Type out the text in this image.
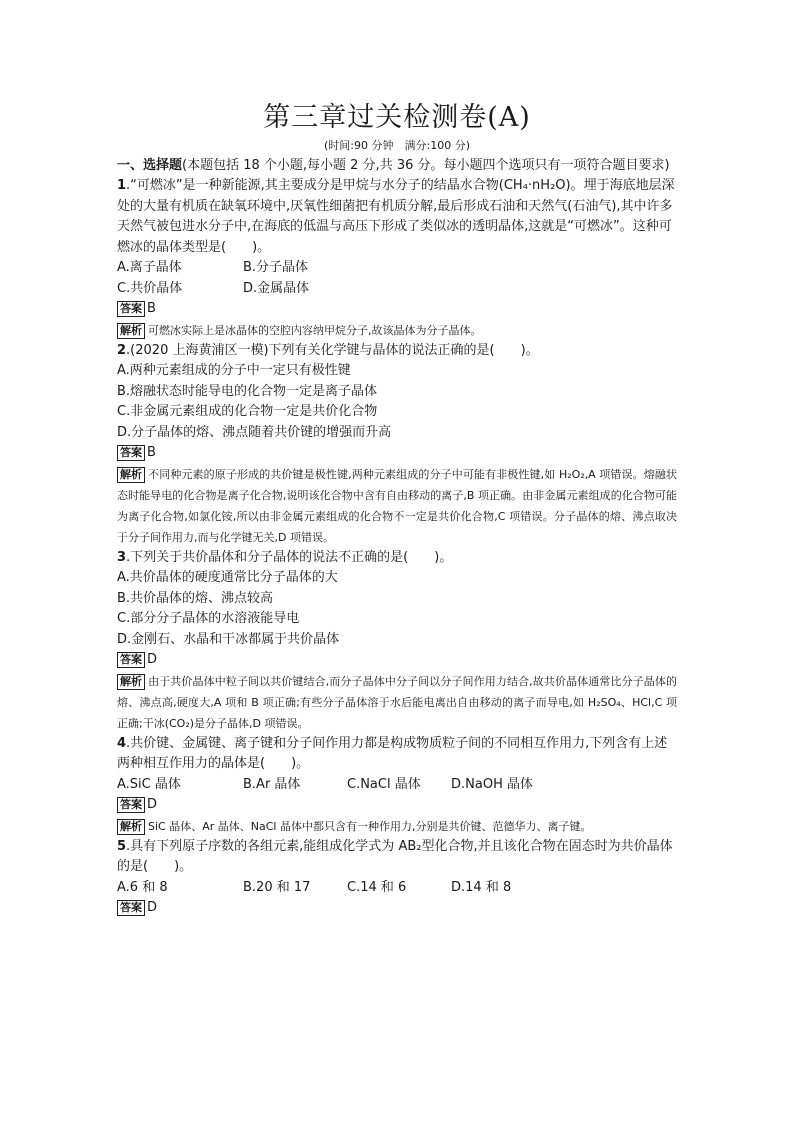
第三章过关检测卷(A)
(时间:90 分钟　满分:100 分)

一、选择题(本题包括 18 个小题,每小题 2 分,共 36 分。每小题四个选项只有一项符合题目要求)

1.“可燃冰”是一种新能源,其主要成分是甲烷与水分子的结晶水合物(CH₄·nH₂O)。埋于海底地层深处的大量有机质在缺氧环境中,厌氧性细菌把有机质分解,最后形成石油和天然气(石油气),其中许多天然气被包进水分子中,在海底的低温与高压下形成了类似冰的透明晶体,这就是“可燃冰”。这种可燃冰的晶体类型是(　　)。

A.离子晶体	B.分子晶体
C.共价晶体	D.金属晶体
答案 B

解析 可燃冰实际上是冰晶体的空腔内容纳甲烷分子,故该晶体为分子晶体。

2.(2020 上海黄浦区一模)下列有关化学键与晶体的说法正确的是(　　)。

A.两种元素组成的分子中一定只有极性键
B.熔融状态时能导电的化合物一定是离子晶体
C.非金属元素组成的化合物一定是共价化合物
D.分子晶体的熔、沸点随着共价键的增强而升高
答案 B

解析 不同种元素的原子形成的共价键是极性键,两种元素组成的分子中可能有非极性键,如 H₂O₂,A 项错误。熔融状态时能导电的化合物是离子化合物,说明该化合物中含有自由移动的离子,B 项正确。由非金属元素组成的化合物可能为离子化合物,如氯化铵,所以由非金属元素组成的化合物不一定是共价化合物,C 项错误。分子晶体的熔、沸点取决于分子间作用力,而与化学键无关,D 项错误。

3.下列关于共价晶体和分子晶体的说法不正确的是(　　)。

A.共价晶体的硬度通常比分子晶体的大
B.共价晶体的熔、沸点较高
C.部分分子晶体的水溶液能导电
D.金刚石、水晶和干冰都属于共价晶体
答案 D

解析 由于共价晶体中粒子间以共价键结合,而分子晶体中分子间以分子间作用力结合,故共价晶体通常比分子晶体的熔、沸点高,硬度大,A 项和 B 项正确;有些分子晶体溶于水后能电离出自由移动的离子而导电,如 H₂SO₄、HCl,C 项正确;干冰(CO₂)是分子晶体,D 项错误。

4.共价键、金属键、离子键和分子间作用力都是构成物质粒子间的不同相互作用力,下列含有上述两种相互作用力的晶体是(　　)。

A.SiC 晶体	B.Ar 晶体	C.NaCl 晶体	D.NaOH 晶体
答案 D

解析 SiC 晶体、Ar 晶体、NaCl 晶体中都只含有一种作用力,分别是共价键、范德华力、离子键。

5.具有下列原子序数的各组元素,能组成化学式为 AB₂型化合物,并且该化合物在固态时为共价晶体的是(　　)。

A.6 和 8	B.20 和 17	C.14 和 6	D.14 和 8
答案 D
